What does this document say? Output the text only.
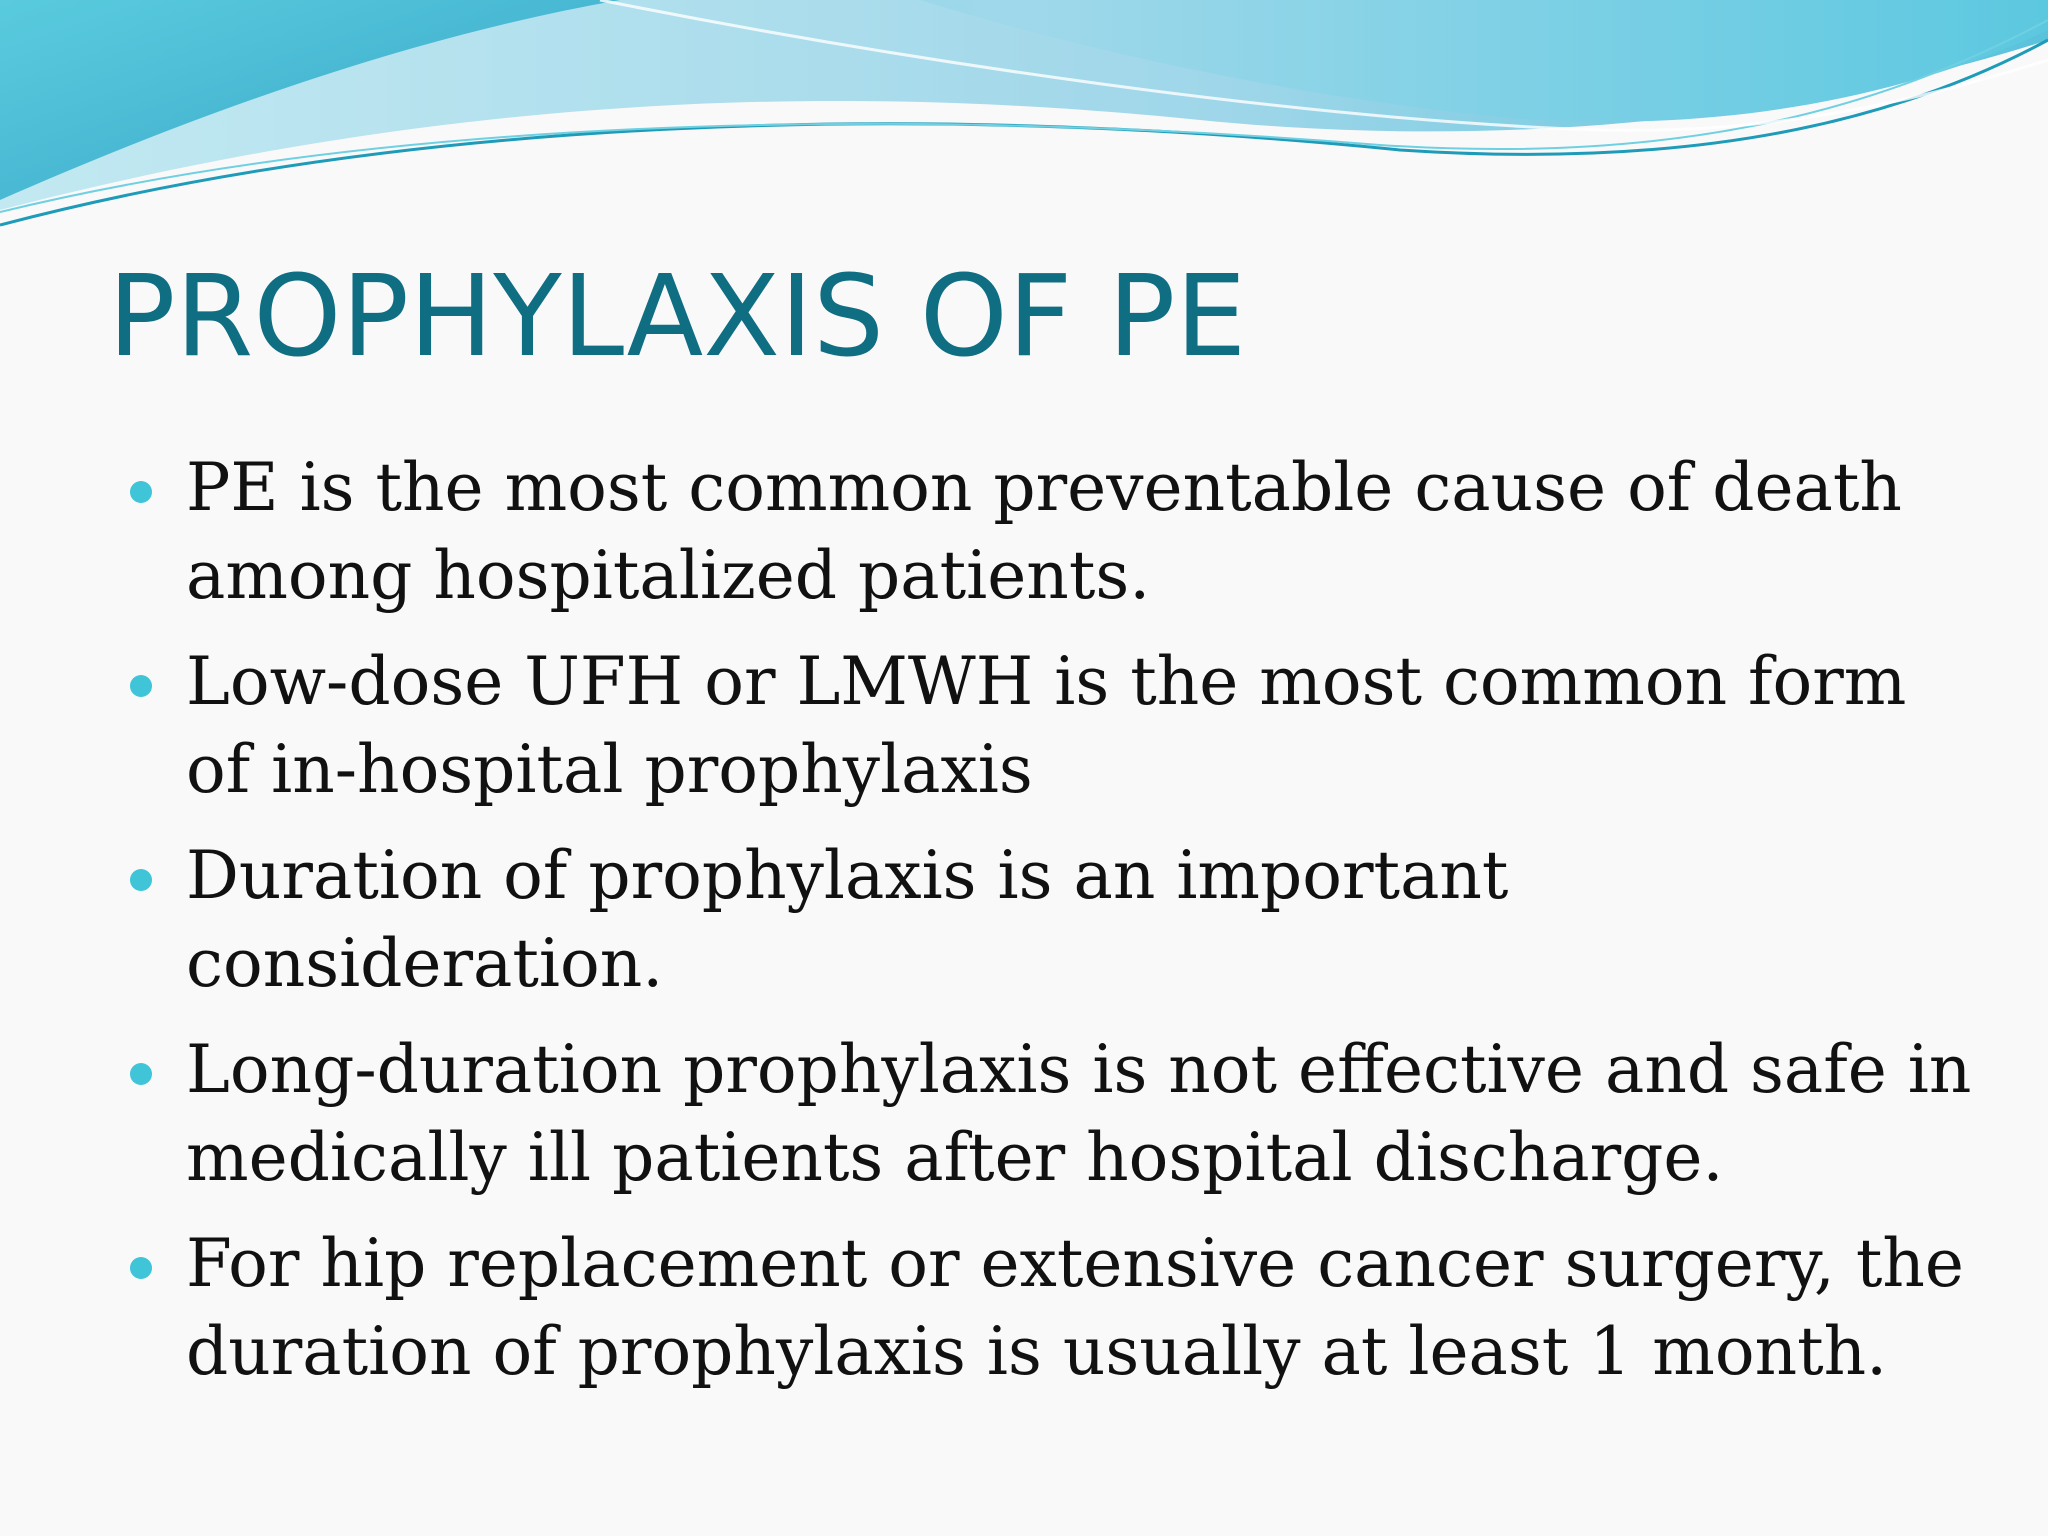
PROPHYLAXIS OF PE
PE is the most common preventable cause of death among hospitalized patients.
Low-dose UFH or LMWH is the most common form of in-hospital prophylaxis
Duration of prophylaxis is an important consideration.
Long-duration prophylaxis is not effective and safe in medically ill patients after hospital discharge.
For hip replacement or extensive cancer surgery, the duration of prophylaxis is usually at least 1 month.
